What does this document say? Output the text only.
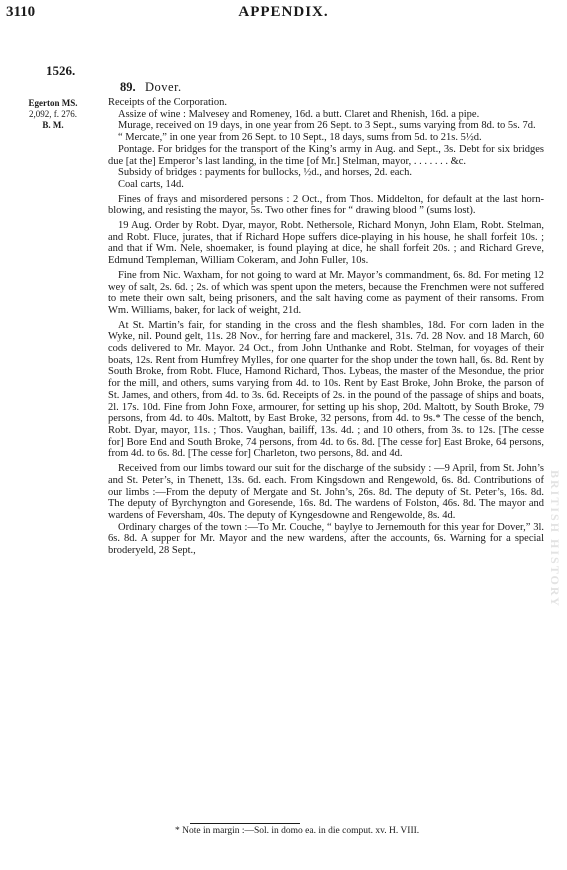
3110	APPENDIX.
1526.
89. Dover.
Egerton MS.
2,092, f. 276.
B. M.

Receipts of the Corporation.

Assize of wine : Malvesey and Romeney, 16d. a butt. Claret and Rhenish, 16d. a pipe.

Murage, received on 19 days, in one year from 26 Sept. to 3 Sept., sums varying from 8d. to 5s. 7d.

“ Mercate,” in one year from 26 Sept. to 10 Sept., 18 days, sums from 5d. to 21s. 5½d.

Pontage. For bridges for the transport of the King’s army in Aug. and Sept., 3s. Debt for six bridges due [at the] Emperor’s last landing, in the time [of Mr.] Stelman, mayor, . . . . . . . &c.

Subsidy of bridges : payments for bullocks, ½d., and horses, 2d. each.

Coal carts, 14d.

Fines of frays and misordered persons : 2 Oct., from Thos. Middelton, for default at the last horn-blowing, and resisting the mayor, 5s. Two other fines for “ drawing blood ” (sums lost).

19 Aug. Order by Robt. Dyar, mayor, Robt. Nethersole, Richard Monyn, John Elam, Robt. Stelman, and Robt. Fluce, jurates, that if Richard Hope suffers dice-playing in his house, he shall forfeit 10s. ; and that if Wm. Nele, shoemaker, is found playing at dice, he shall forfeit 20s. ; and Richard Greve, Edmund Templeman, William Cokeram, and John Fuller, 10s.

Fine from Nic. Waxham, for not going to ward at Mr. Mayor’s commandment, 6s. 8d. For meting 12 wey of salt, 2s. 6d. ; 2s. of which was spent upon the meters, because the Frenchmen were not suffered to mete their own salt, being prisoners, and the salt having come as payment of their ransoms. From Wm. Williams, baker, for lack of weight, 21d.

At St. Martin’s fair, for standing in the cross and the flesh shambles, 18d. For corn laden in the Wyke, nil. Pound gelt, 11s. 28 Nov., for herring fare and mackerel, 31s. 7d. 28 Nov. and 18 March, 60 cods delivered to Mr. Mayor. 24 Oct., from John Unthanke and Robt. Stelman, for voyages of their boats, 12s. Rent from Humfrey Mylles, for one quarter for the shop under the town hall, 6s. 8d. Rent by South Broke, from Robt. Fluce, Hamond Richard, Thos. Lybeas, the master of the Mesondue, the prior for the mill, and others, sums varying from 4d. to 10s. Rent by East Broke, John Broke, the parson of St. James, and others, from 4d. to 3s. 6d. Receipts of 2s. in the pound of the passage of ships and boats, 2l. 17s. 10d. Fine from John Foxe, armourer, for setting up his shop, 20d. Maltott, by South Broke, 79 persons, from 4d. to 40s. Maltott, by East Broke, 32 persons, from 4d. to 9s.* The cesse of the bench, Robt. Dyar, mayor, 11s. ; Thos. Vaughan, bailiff, 13s. 4d. ; and 10 others, from 3s. to 12s. [The cesse for] Bore End and South Broke, 74 persons, from 4d. to 6s. 8d. [The cesse for] East Broke, 64 persons, from 4d. to 6s. 8d. [The cesse for] Charleton, two persons, 8d. and 4d.

Received from our limbs toward our suit for the discharge of the subsidy : —9 April, from St. John’s and St. Peter’s, in Thenett, 13s. 6d. each. From Kingsdown and Rengewold, 6s. 8d. Contributions of our limbs :—From the deputy of Mergate and St. John’s, 26s. 8d. The deputy of St. Peter’s, 16s. 8d. The deputy of Byrchyngton and Goresende, 16s. 8d. The wardens of Folston, 46s. 8d. The mayor and wardens of Feversham, 40s. The deputy of Kyngesdowne and Rengewolde, 8s. 4d.

Ordinary charges of the town :—To Mr. Couche, “ baylye to Jernemouth for this year for Dover,” 3l. 6s. 8d. A supper for Mr. Mayor and the new wardens, after the accounts, 6s. Warning for a special broderyeld, 28 Sept.,

* Note in margin :—Sol. in domo ea. in die comput. xv. H. VIII.
BRITISH HISTORY
